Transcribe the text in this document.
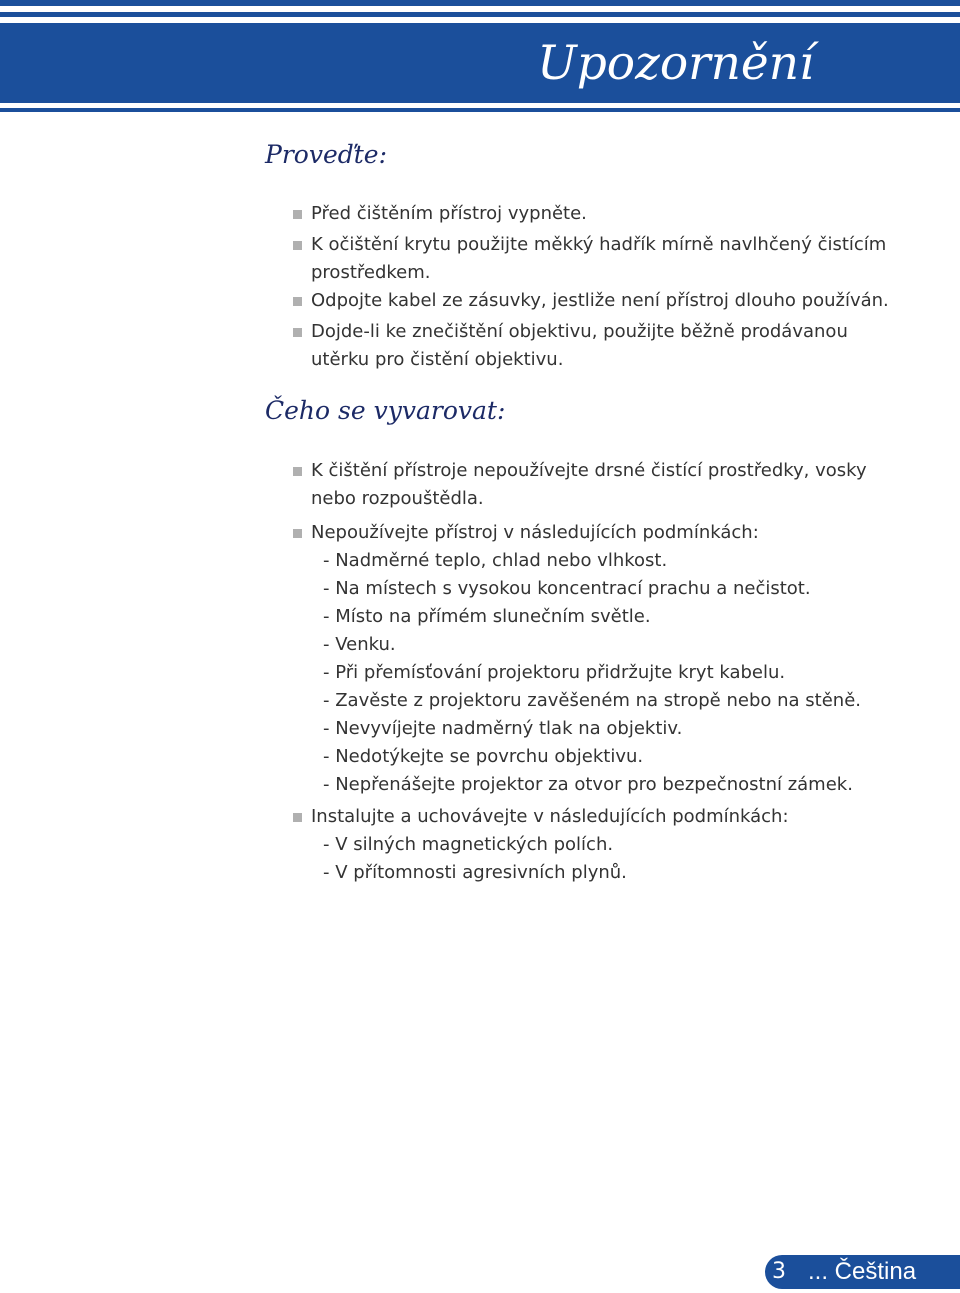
Upozornění
Proveďte:
Před čištěním přístroj vypněte.
K očištění krytu použijte měkký hadřík mírně navlhčený čistícím prostředkem.
Odpojte kabel ze zásuvky, jestliže není přístroj dlouho používán.
Dojde-li ke znečištění objektivu, použijte běžně prodávanou utěrku pro čistění objektivu.
Čeho se vyvarovat:
K čištění přístroje nepoužívejte drsné čistící prostředky, vosky nebo rozpouštědla.
Nepoužívejte přístroj v následujících podmínkách:
- Nadměrné teplo, chlad nebo vlhkost.
- Na místech s vysokou koncentrací prachu a nečistot.
- Místo na přímém slunečním světle.
- Venku.
- Při přemísťování projektoru přidržujte kryt kabelu.
- Zavěste z projektoru zavěšeném na stropě nebo na stěně.
- Nevyvíjejte nadměrný tlak na objektiv.
- Nedotýkejte se povrchu objektivu.
- Nepřenášejte projektor za otvor pro bezpečnostní zámek.
Instalujte a uchovávejte v následujících podmínkách:
- V silných magnetických polích.
- V přítomnosti agresivních plynů.
3 ... Čeština
